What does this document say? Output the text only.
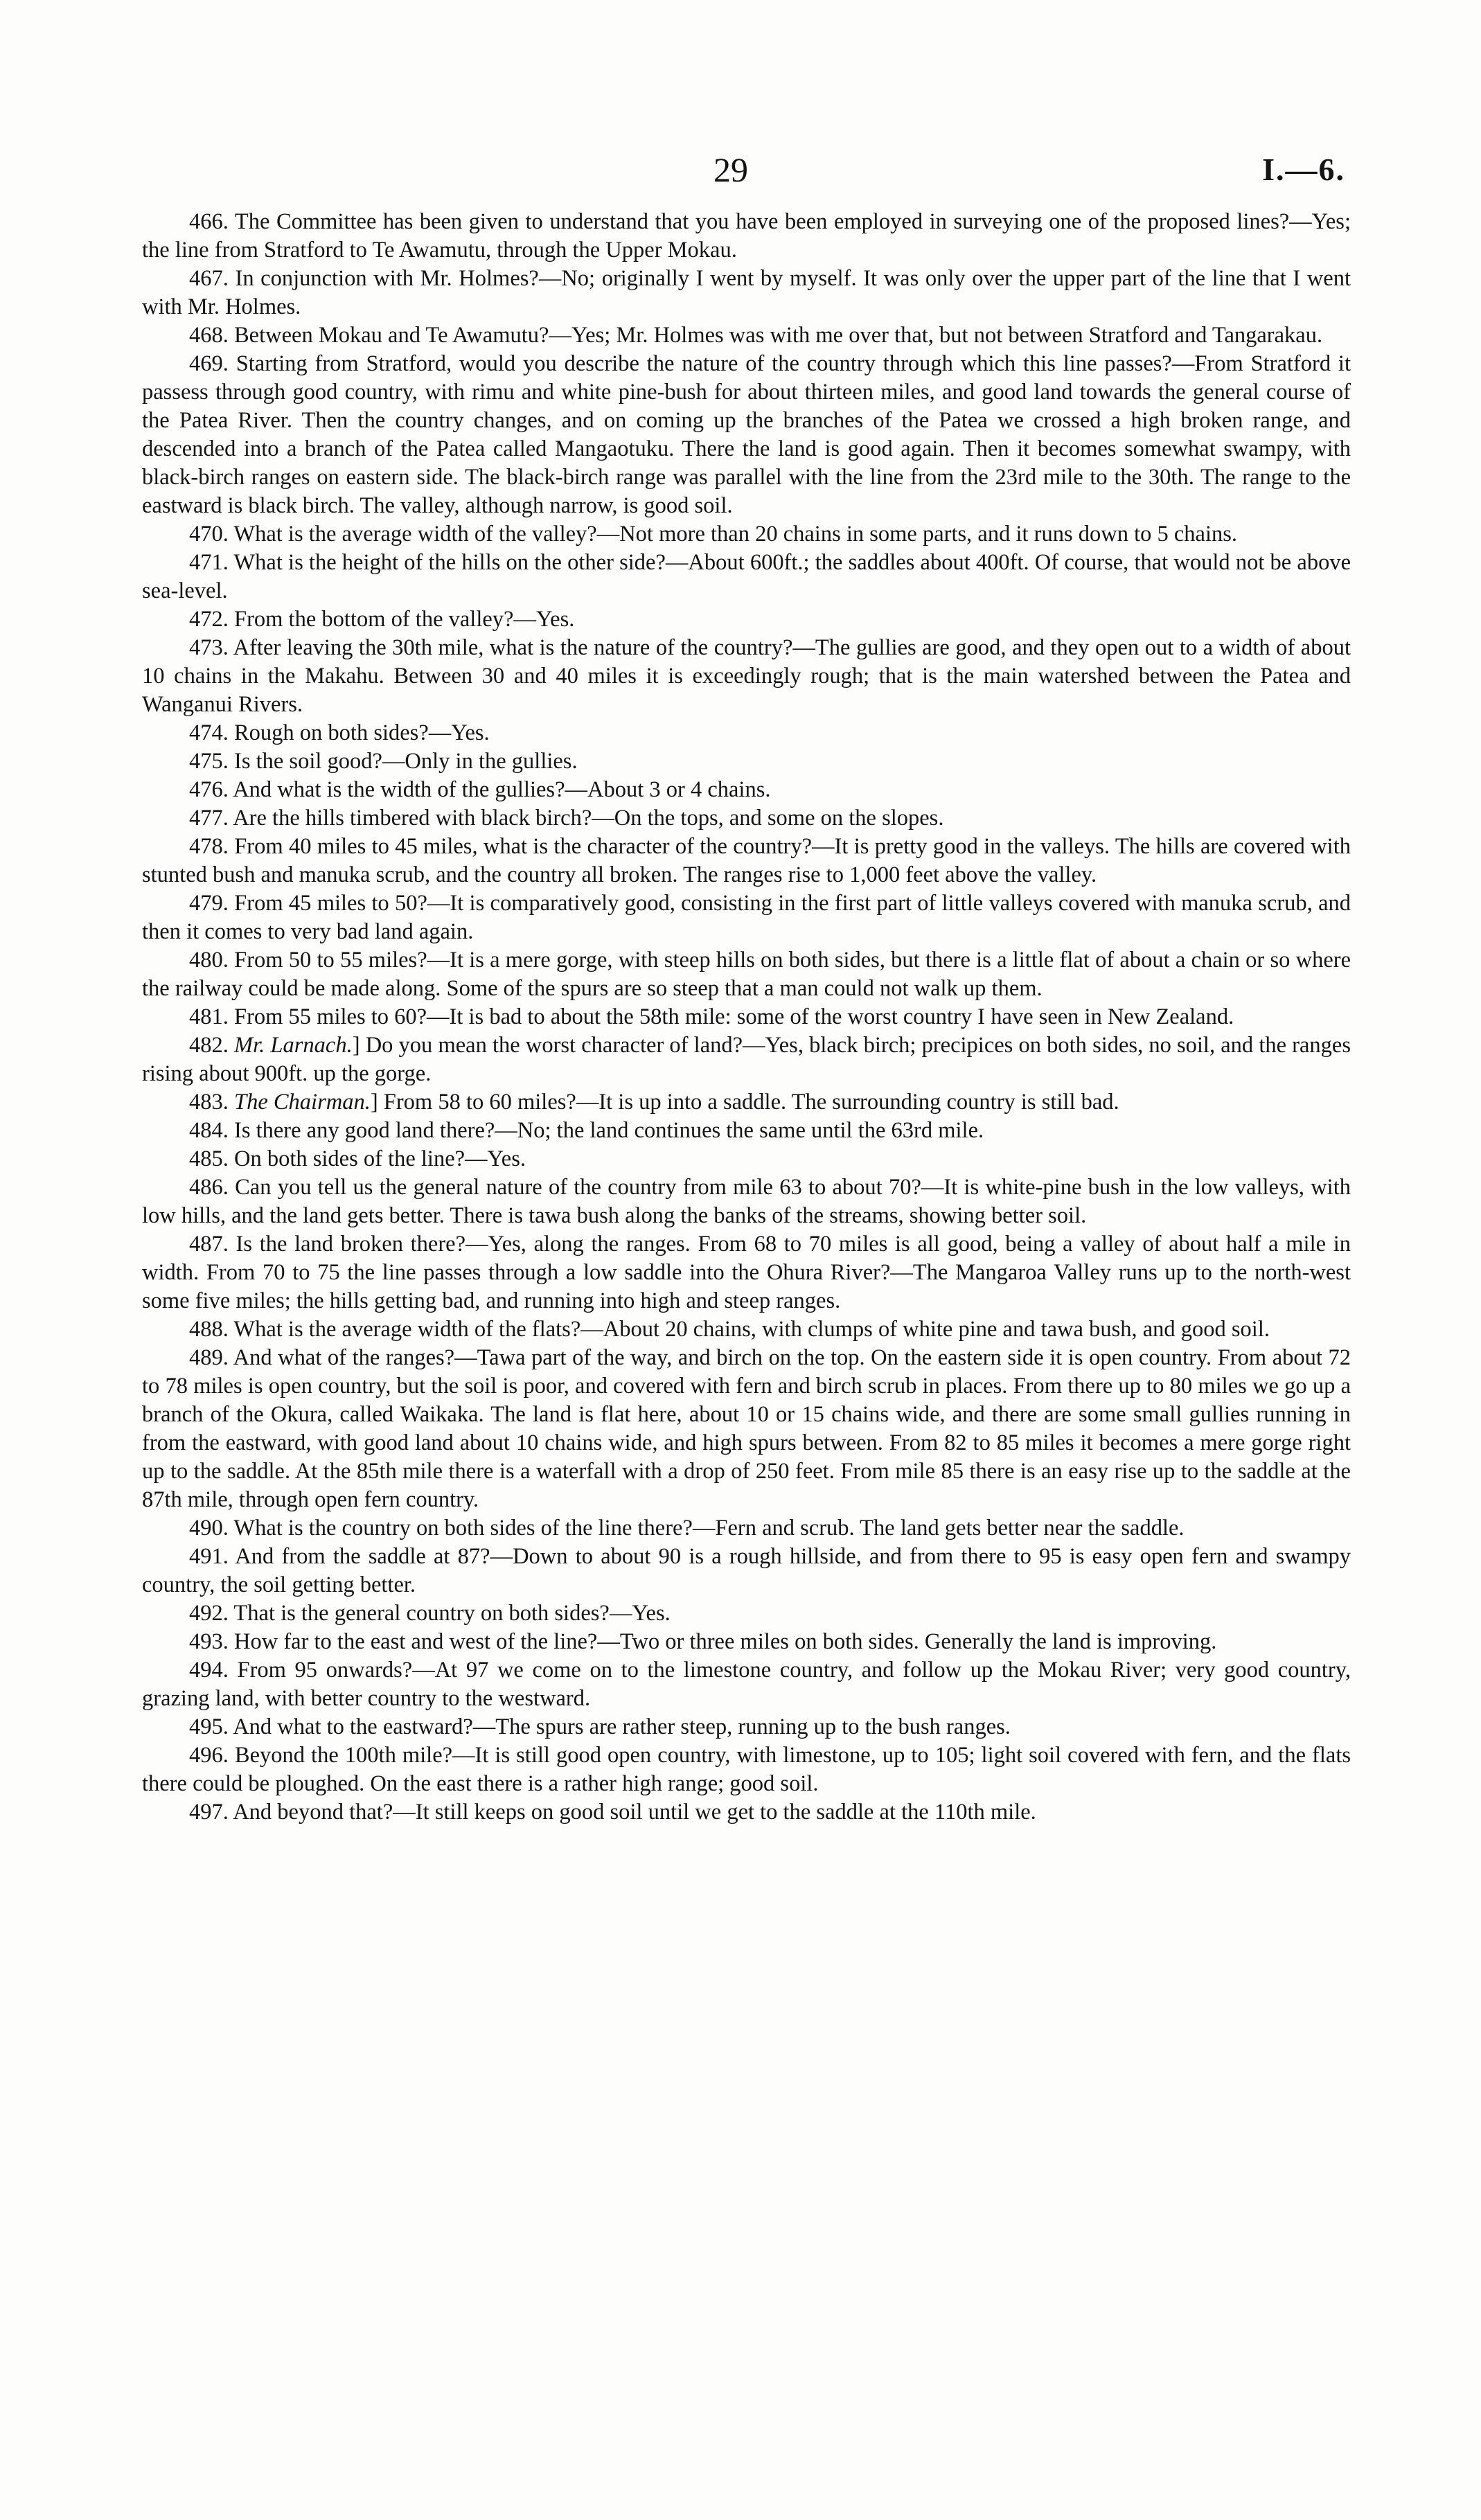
29	I.—6.

466. The Committee has been given to understand that you have been employed in surveying one of the proposed lines?—Yes; the line from Stratford to Te Awamutu, through the Upper Mokau.

467. In conjunction with Mr. Holmes?—No; originally I went by myself. It was only over the upper part of the line that I went with Mr. Holmes.

468. Between Mokau and Te Awamutu?—Yes; Mr. Holmes was with me over that, but not between Stratford and Tangarakau.

469. Starting from Stratford, would you describe the nature of the country through which this line passes?—From Stratford it passess through good country, with rimu and white pine-bush for about thirteen miles, and good land towards the general course of the Patea River. Then the country changes, and on coming up the branches of the Patea we crossed a high broken range, and descended into a branch of the Patea called Mangaotuku. There the land is good again. Then it becomes somewhat swampy, with black-birch ranges on eastern side. The black-birch range was parallel with the line from the 23rd mile to the 30th. The range to the eastward is black birch. The valley, although narrow, is good soil.

470. What is the average width of the valley?—Not more than 20 chains in some parts, and it runs down to 5 chains.

471. What is the height of the hills on the other side?—About 600ft.; the saddles about 400ft. Of course, that would not be above sea-level.

472. From the bottom of the valley?—Yes.

473. After leaving the 30th mile, what is the nature of the country?—The gullies are good, and they open out to a width of about 10 chains in the Makahu. Between 30 and 40 miles it is exceedingly rough; that is the main watershed between the Patea and Wanganui Rivers.

474. Rough on both sides?—Yes.

475. Is the soil good?—Only in the gullies.

476. And what is the width of the gullies?—About 3 or 4 chains.

477. Are the hills timbered with black birch?—On the tops, and some on the slopes.

478. From 40 miles to 45 miles, what is the character of the country?—It is pretty good in the valleys. The hills are covered with stunted bush and manuka scrub, and the country all broken. The ranges rise to 1,000 feet above the valley.

479. From 45 miles to 50?—It is comparatively good, consisting in the first part of little valleys covered with manuka scrub, and then it comes to very bad land again.

480. From 50 to 55 miles?—It is a mere gorge, with steep hills on both sides, but there is a little flat of about a chain or so where the railway could be made along. Some of the spurs are so steep that a man could not walk up them.

481. From 55 miles to 60?—It is bad to about the 58th mile: some of the worst country I have seen in New Zealand.

482. Mr. Larnach.] Do you mean the worst character of land?—Yes, black birch; precipices on both sides, no soil, and the ranges rising about 900ft. up the gorge.

483. The Chairman.] From 58 to 60 miles?—It is up into a saddle. The surrounding country is still bad.

484. Is there any good land there?—No; the land continues the same until the 63rd mile.

485. On both sides of the line?—Yes.

486. Can you tell us the general nature of the country from mile 63 to about 70?—It is white-pine bush in the low valleys, with low hills, and the land gets better. There is tawa bush along the banks of the streams, showing better soil.

487. Is the land broken there?—Yes, along the ranges. From 68 to 70 miles is all good, being a valley of about half a mile in width. From 70 to 75 the line passes through a low saddle into the Ohura River?—The Mangaroa Valley runs up to the north-west some five miles; the hills getting bad, and running into high and steep ranges.

488. What is the average width of the flats?—About 20 chains, with clumps of white pine and tawa bush, and good soil.

489. And what of the ranges?—Tawa part of the way, and birch on the top. On the eastern side it is open country. From about 72 to 78 miles is open country, but the soil is poor, and covered with fern and birch scrub in places. From there up to 80 miles we go up a branch of the Okura, called Waikaka. The land is flat here, about 10 or 15 chains wide, and there are some small gullies running in from the eastward, with good land about 10 chains wide, and high spurs between. From 82 to 85 miles it becomes a mere gorge right up to the saddle. At the 85th mile there is a waterfall with a drop of 250 feet. From mile 85 there is an easy rise up to the saddle at the 87th mile, through open fern country.

490. What is the country on both sides of the line there?—Fern and scrub. The land gets better near the saddle.

491. And from the saddle at 87?—Down to about 90 is a rough hillside, and from there to 95 is easy open fern and swampy country, the soil getting better.

492. That is the general country on both sides?—Yes.

493. How far to the east and west of the line?—Two or three miles on both sides. Generally the land is improving.

494. From 95 onwards?—At 97 we come on to the limestone country, and follow up the Mokau River; very good country, grazing land, with better country to the westward.

495. And what to the eastward?—The spurs are rather steep, running up to the bush ranges.

496. Beyond the 100th mile?—It is still good open country, with limestone, up to 105; light soil covered with fern, and the flats there could be ploughed. On the east there is a rather high range; good soil.

497. And beyond that?—It still keeps on good soil until we get to the saddle at the 110th mile.
